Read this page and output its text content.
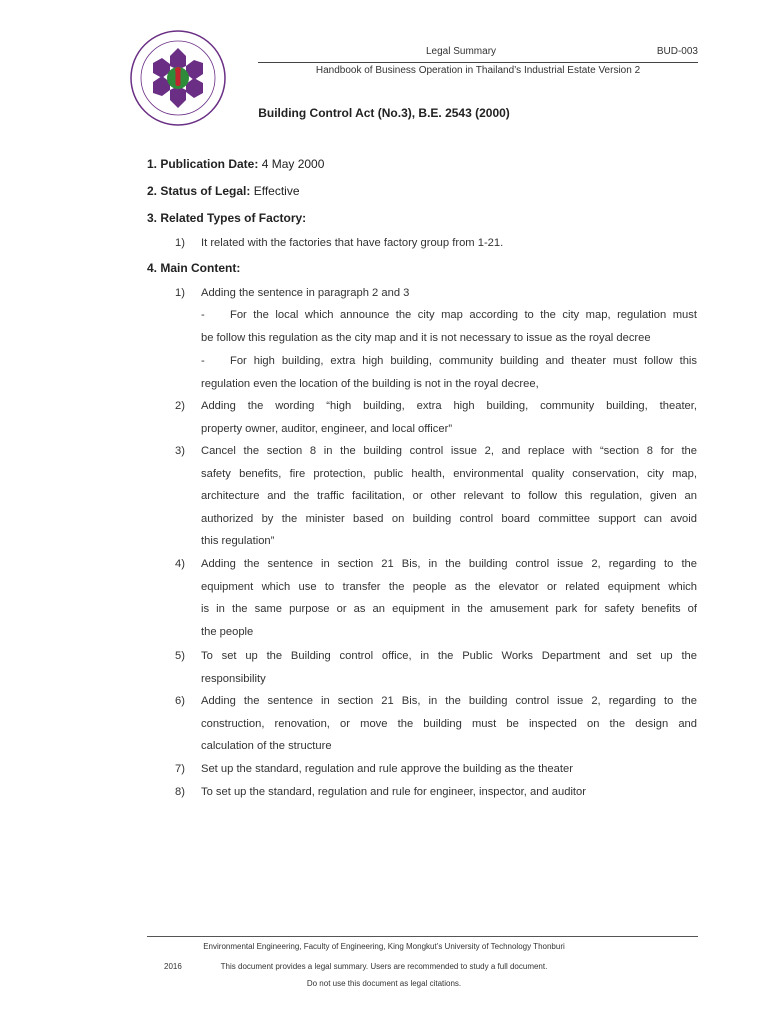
Legal Summary	BUD-003
Handbook of Business Operation in Thailand’s Industrial Estate Version 2
Building Control Act (No.3), B.E. 2543 (2000)
1. Publication Date: 4 May 2000
2. Status of Legal: Effective
3. Related Types of Factory:
1) It related with the factories that have factory group from 1-21.
4. Main Content:
1) Adding the sentence in paragraph 2 and 3
For the local which announce the city map according to the city map, regulation must
be follow this regulation as the city map and it is not necessary to issue as the royal decree
-
For high building, extra high building, community building and theater must follow this
regulation even the location of the building is not in the royal decree,
-
2) Adding the wording “high building, extra high building, community building, theater,
property owner, auditor, engineer, and local officer”
3) Cancel the section 8 in the building control issue 2, and replace with “section 8 for the
safety benefits, fire protection, public health, environmental quality conservation, city map,
architecture and the traffic facilitation, or other relevant to follow this regulation, given an
authorized by the minister based on building control board committee support can avoid
this regulation”
4) Adding the sentence in section 21 Bis, in the building control issue 2, regarding to the
equipment which use to transfer the people as the elevator or related equipment which
is in the same purpose or as an equipment in the amusement park for safety benefits of
the people
5) To set up the Building control office, in the Public Works Department and set up the
responsibility
6) Adding the sentence in section 21 Bis, in the building control issue 2, regarding to the
construction, renovation, or move the building must be inspected on the design and
calculation of the structure
7) Set up the standard, regulation and rule approve the building as the theater
8) To set up the standard, regulation and rule for engineer, inspector, and auditor
Environmental Engineering, Faculty of Engineering, King Mongkut’s University of Technology Thonburi
2016	This document provides a legal summary. Users are recommended to study a full document.
Do not use this document as legal citations.
